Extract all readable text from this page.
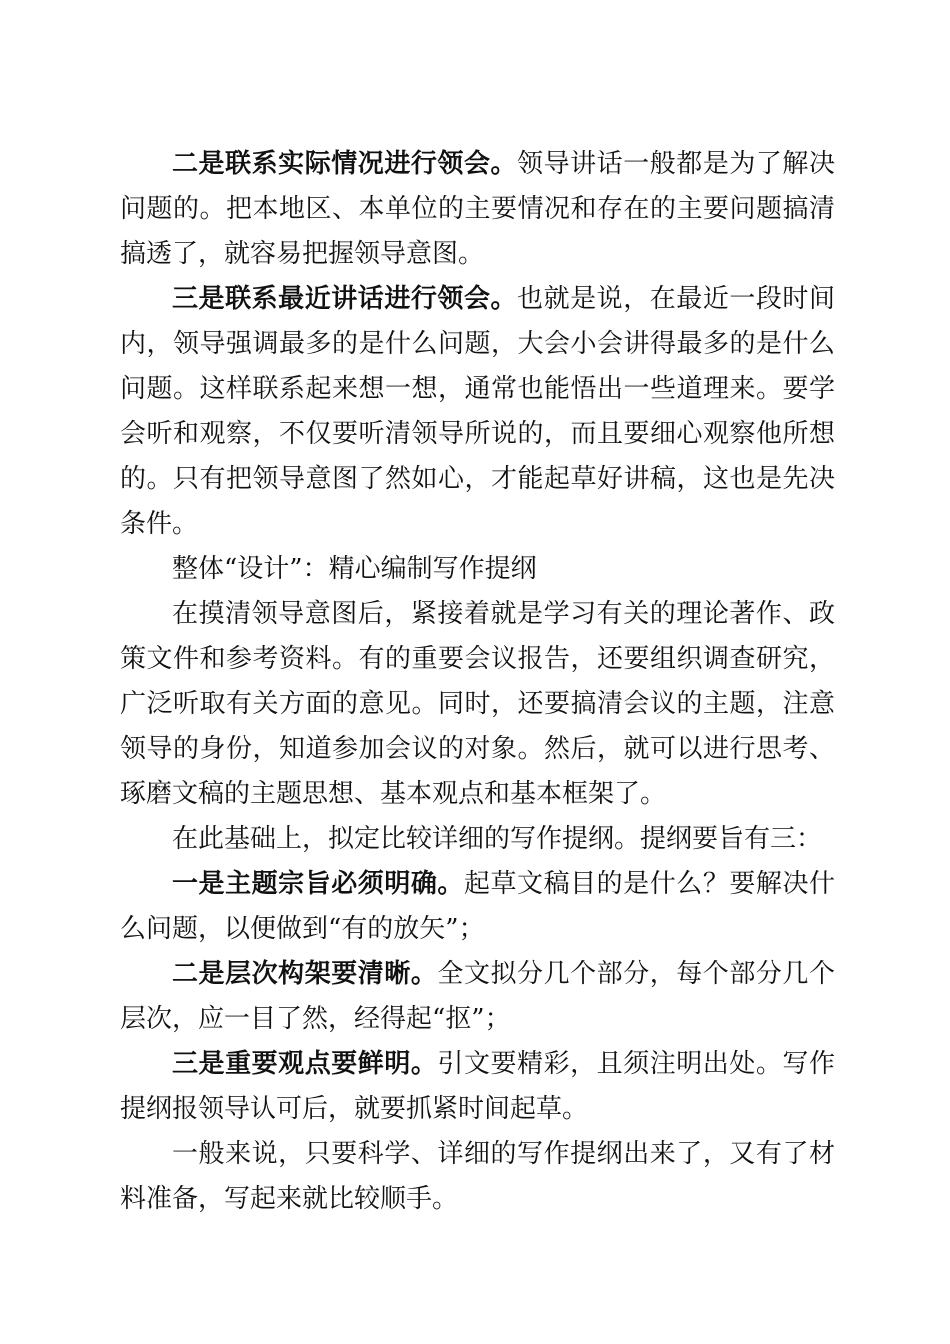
二是联系实际情况进行领会。领导讲话一般都是为了解决问题的。把本地区、本单位的主要情况和存在的主要问题搞清搞透了，就容易把握领导意图。

三是联系最近讲话进行领会。也就是说，在最近一段时间内，领导强调最多的是什么问题，大会小会讲得最多的是什么问题。这样联系起来想一想，通常也能悟出一些道理来。要学会听和观察，不仅要听清领导所说的，而且要细心观察他所想的。只有把领导意图了然如心，才能起草好讲稿，这也是先决条件。

整体“设计”：精心编制写作提纲

在摸清领导意图后，紧接着就是学习有关的理论著作、政策文件和参考资料。有的重要会议报告，还要组织调查研究，广泛听取有关方面的意见。同时，还要搞清会议的主题，注意领导的身份，知道参加会议的对象。然后，就可以进行思考、琢磨文稿的主题思想、基本观点和基本框架了。

在此基础上，拟定比较详细的写作提纲。提纲要旨有三：

一是主题宗旨必须明确。起草文稿目的是什么？要解决什么问题，以便做到“有的放矢”；

二是层次构架要清晰。全文拟分几个部分，每个部分几个层次，应一目了然，经得起“抠”；

三是重要观点要鲜明。引文要精彩，且须注明出处。写作提纲报领导认可后，就要抓紧时间起草。

一般来说，只要科学、详细的写作提纲出来了，又有了材料准备，写起来就比较顺手。
